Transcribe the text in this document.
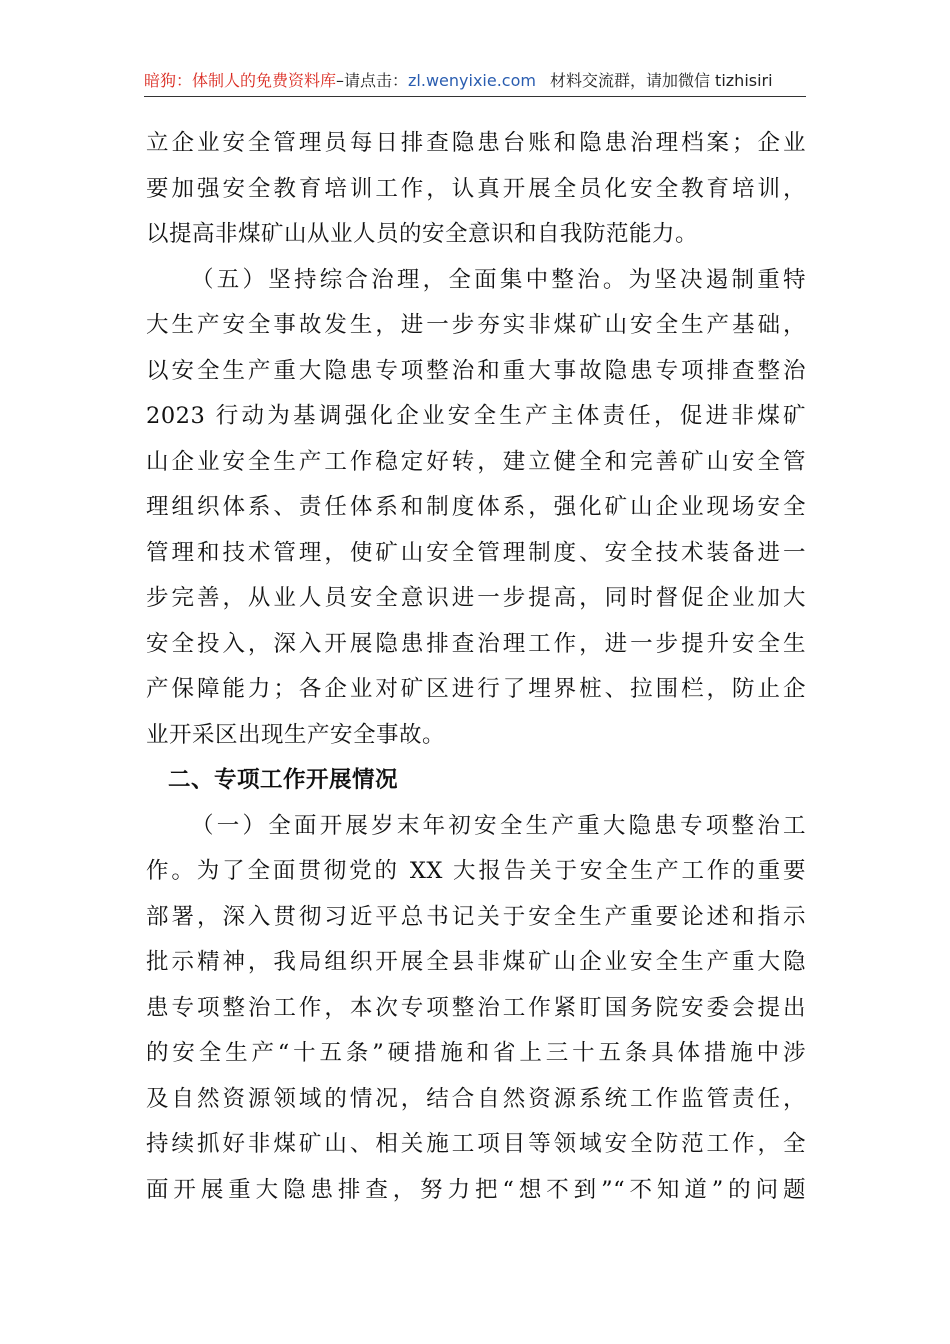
暗狗：体制人的免费资料库–请点击：zl.wenyixie.com 材料交流群，请加微信 tizhisiri
立企业安全管理员每日排查隐患台账和隐患治理档案；企业
要加强安全教育培训工作，认真开展全员化安全教育培训，
以提高非煤矿山从业人员的安全意识和自我防范能力。
（五）坚持综合治理，全面集中整治。为坚决遏制重特
大生产安全事故发生，进一步夯实非煤矿山安全生产基础，
以安全生产重大隐患专项整治和重大事故隐患专项排查整治
2023 行动为基调强化企业安全生产主体责任，促进非煤矿
山企业安全生产工作稳定好转，建立健全和完善矿山安全管
理组织体系、责任体系和制度体系，强化矿山企业现场安全
管理和技术管理，使矿山安全管理制度、安全技术装备进一
步完善，从业人员安全意识进一步提高，同时督促企业加大
安全投入，深入开展隐患排查治理工作，进一步提升安全生
产保障能力；各企业对矿区进行了埋界桩、拉围栏，防止企
业开采区出现生产安全事故。
二、专项工作开展情况
（一）全面开展岁末年初安全生产重大隐患专项整治工
作。为了全面贯彻党的 XX 大报告关于安全生产工作的重要
部署，深入贯彻习近平总书记关于安全生产重要论述和指示
批示精神，我局组织开展全县非煤矿山企业安全生产重大隐
患专项整治工作，本次专项整治工作紧盯国务院安委会提出
的安全生产“十五条”硬措施和省上三十五条具体措施中涉
及自然资源领域的情况，结合自然资源系统工作监管责任，
持续抓好非煤矿山、相关施工项目等领域安全防范工作，全
面开展重大隐患排查，努力把“想不到”“不知道”的问题
